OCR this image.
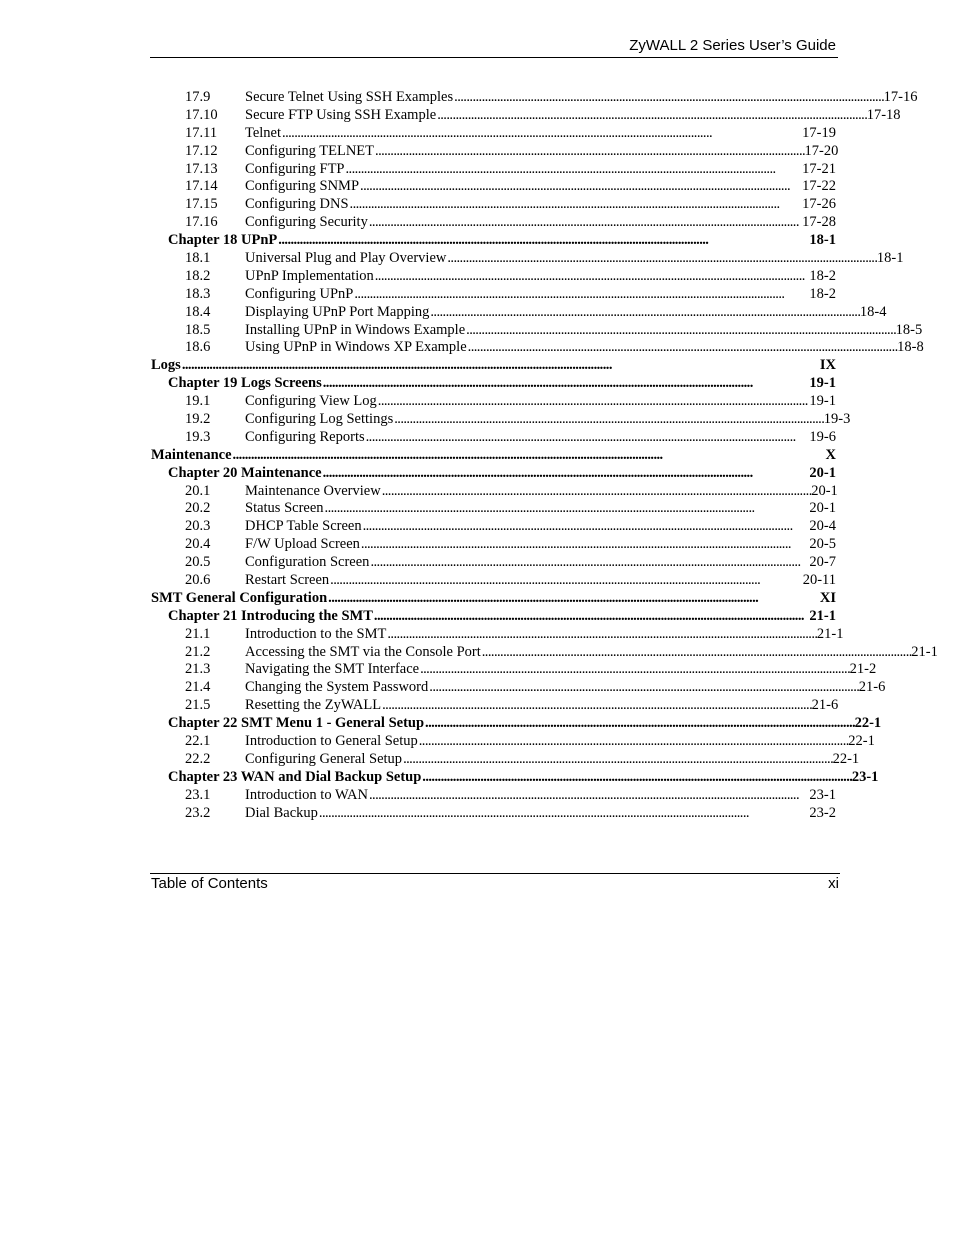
ZyWALL 2 Series User’s Guide
17.9 Secure Telnet Using SSH Examples . . .	17-16
17.10 Secure FTP Using SSH Example . . .	17-18
17.11 Telnet . . .	17-19
17.12 Configuring TELNET . . .	17-20
17.13 Configuring FTP . . .	17-21
17.14 Configuring SNMP . . .	17-22
17.15 Configuring DNS . . .	17-26
17.16 Configuring Security . . .	17-28
Chapter 18 UPnP . . .	18-1
18.1 Universal Plug and Play Overview . . .	18-1
18.2 UPnP Implementation . . .	18-2
18.3 Configuring UPnP . . .	18-2
18.4 Displaying UPnP Port Mapping . . .	18-4
18.5 Installing UPnP in Windows Example . . .	18-5
18.6 Using UPnP in Windows XP Example . . .	18-8
Logs . . .	IX
Chapter 19 Logs Screens . . .	19-1
19.1 Configuring View Log . . .	19-1
19.2 Configuring Log Settings . . .	19-3
19.3 Configuring Reports . . .	19-6
Maintenance . . .	X
Chapter 20 Maintenance . . .	20-1
20.1 Maintenance Overview . . .	20-1
20.2 Status Screen . . .	20-1
20.3 DHCP Table Screen . . .	20-4
20.4 F/W Upload Screen . . .	20-5
20.5 Configuration Screen . . .	20-7
20.6 Restart Screen . . .	20-11
SMT General Configuration . . .	XI
Chapter 21 Introducing the SMT . . .	21-1
21.1 Introduction to the SMT . . .	21-1
21.2 Accessing the SMT via the Console Port . . .	21-1
21.3 Navigating the SMT Interface . . .	21-2
21.4 Changing the System Password . . .	21-6
21.5 Resetting the ZyWALL . . .	21-6
Chapter 22 SMT Menu 1 - General Setup . . .	22-1
22.1 Introduction to General Setup . . .	22-1
22.2 Configuring General Setup . . .	22-1
Chapter 23 WAN and Dial Backup Setup . . .	23-1
23.1 Introduction to WAN . . .	23-1
23.2 Dial Backup . . .	23-2
Table of Contents	xi
